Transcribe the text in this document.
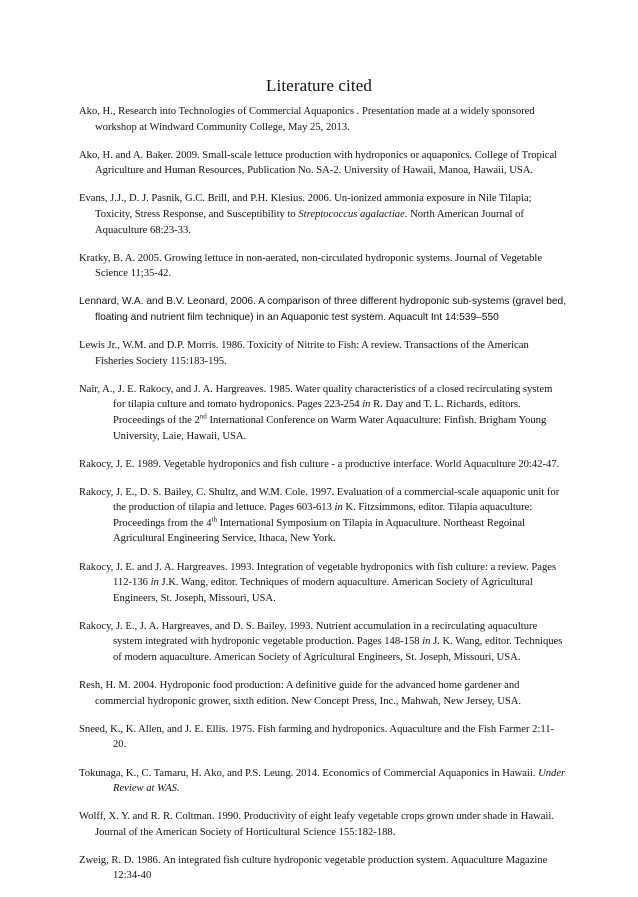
Literature cited

Ako, H., Research into Technologies of Commercial Aquaponics . Presentation made at a widely sponsored

workshop at Windward Community College, May 25, 2013.

Ako, H. and A. Baker. 2009. Small-scale lettuce production with hydroponics or aquaponics. College of Tropical

Agriculture and Human Resources, Publication No. SA-2. University of Hawaii, Manoa, Hawaii, USA.

Evans, J.J., D. J. Pasnik, G.C. Brill, and P.H. Klesius. 2006. Un-ionized ammonia exposure in Nile Tilapia;

Toxicity, Stress Response, and Susceptibility to Streptococcus agalactiae. North American Journal of

Aquaculture 68:23-33.

Kratky, B. A. 2005. Growing lettuce in non-aerated, non-circulated hydroponic systems. Journal of Vegetable

Science 11;35-42.

Lennard, W.A. and B.V. Leonard, 2006. A comparison of three different hydroponic sub-systems (gravel bed,

floating and nutrient film technique) in an Aquaponic test system. Aquacult Int 14:539–550

Lewis Jr., W.M. and D.P. Morris. 1986. Toxicity of Nitrite to Fish: A review. Transactions of the American

Fisheries Society 115:183-195.

Nair, A., J. E. Rakocy, and J. A. Hargreaves. 1985. Water quality characteristics of a closed recirculating system

for tilapia culture and tomato hydroponics. Pages 223-254 in R. Day and T. L. Richards, editors.

Proceedings of the 2nd International Conference on Warm Water Aquaculture: Finfish. Brigham Young

University, Laie, Hawaii, USA.

Rakocy, J. E. 1989. Vegetable hydroponics and fish culture - a productive interface. World Aquaculture 20:42-47.

Rakocy, J. E., D. S. Bailey, C. Shultz, and W.M. Cole. 1997. Evaluation of a commercial-scale aquaponic unit for

the production of tilapia and lettuce. Pages 603-613 in K. Fitzsimmons, editor. Tilapia aquaculture:

Proceedings from the 4th International Symposium on Tilapia in Aquaculture. Northeast Regoinal

Agricultural Engineering Service, Ithaca, New York.

Rakocy, J. E. and J. A. Hargreaves. 1993. Integration of vegetable hydroponics with fish culture: a review. Pages

112-136 in J.K. Wang, editor. Techniques of modern aquaculture. American Society of Agricultural

Engineers, St. Joseph, Missouri, USA.

Rakocy, J. E., J. A. Hargreaves, and D. S. Bailey. 1993. Nutrient accumulation in a recirculating aquaculture

system integrated with hydroponic vegetable production. Pages 148-158 in J. K. Wang, editor. Techniques

of modern aquaculture. American Society of Agricultural Engineers, St. Joseph, Missouri, USA.

Resh, H. M. 2004. Hydroponic food production: A definitive guide for the advanced home gardener and

commercial hydroponic grower, sixth edition. New Concept Press, Inc., Mahwah, New Jersey, USA.

Sneed, K., K. Allen, and J. E. Ellis. 1975. Fish farming and hydroponics. Aquaculture and the Fish Farmer 2:11-

20.

Tokunaga, K., C. Tamaru, H. Ako, and P.S. Leung. 2014. Economics of Commercial Aquaponics in Hawaii. Under

Review at WAS.

Wolff, X. Y. and R. R. Coltman. 1990. Productivity of eight leafy vegetable crops grown under shade in Hawaii.

Journal of the American Society of Horticultural Science 155:182-188.

Zweig, R. D. 1986. An integrated fish culture hydroponic vegetable production system. Aquaculture Magazine

12:34-40
